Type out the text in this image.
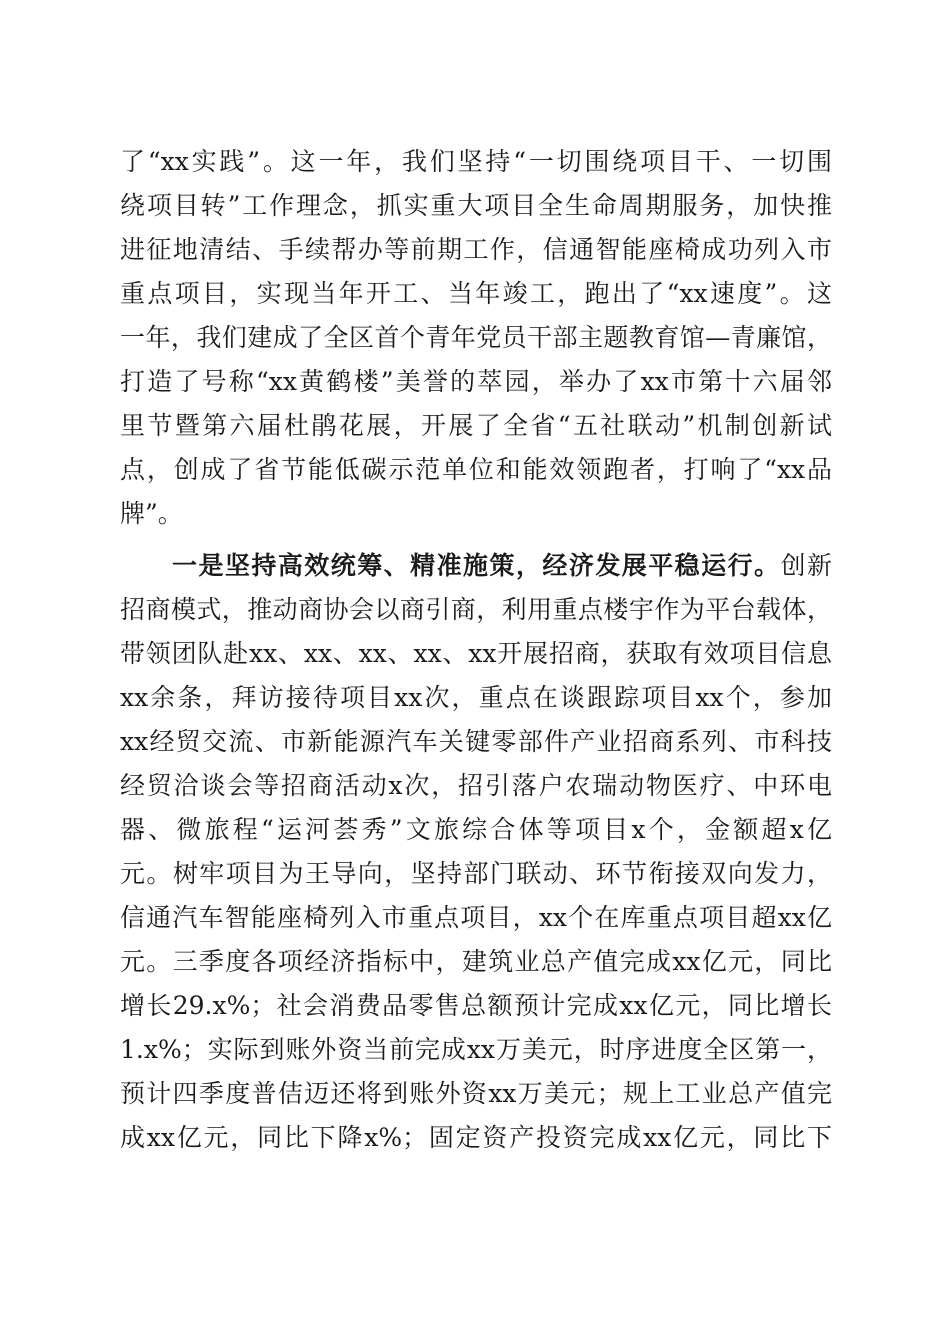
了“xx实践”。这一年，我们坚持“一切围绕项目干、一切围
绕项目转”工作理念，抓实重大项目全生命周期服务，加快推
进征地清结、手续帮办等前期工作，信通智能座椅成功列入市
重点项目，实现当年开工、当年竣工，跑出了“xx速度”。这
一年，我们建成了全区首个青年党员干部主题教育馆—青廉馆，
打造了号称“xx黄鹤楼”美誉的萃园，举办了xx市第十六届邻
里节暨第六届杜鹃花展，开展了全省“五社联动”机制创新试
点，创成了省节能低碳示范单位和能效领跑者，打响了“xx品
牌”。
一是坚持高效统筹、精准施策，经济发展平稳运行。创新
招商模式，推动商协会以商引商，利用重点楼宇作为平台载体，
带领团队赴xx、xx、xx、xx、xx开展招商，获取有效项目信息
xx余条，拜访接待项目xx次，重点在谈跟踪项目xx个，参加
xx经贸交流、市新能源汽车关键零部件产业招商系列、市科技
经贸洽谈会等招商活动x次，招引落户农瑞动物医疗、中环电
器、微旅程“运河荟秀”文旅综合体等项目x个，金额超x亿
元。树牢项目为王导向，坚持部门联动、环节衔接双向发力，
信通汽车智能座椅列入市重点项目，xx个在库重点项目超xx亿
元。三季度各项经济指标中，建筑业总产值完成xx亿元，同比
增长29.x%；社会消费品零售总额预计完成xx亿元，同比增长
1.x%；实际到账外资当前完成xx万美元，时序进度全区第一，
预计四季度普佶迈还将到账外资xx万美元；规上工业总产值完
成xx亿元，同比下降x%；固定资产投资完成xx亿元，同比下
